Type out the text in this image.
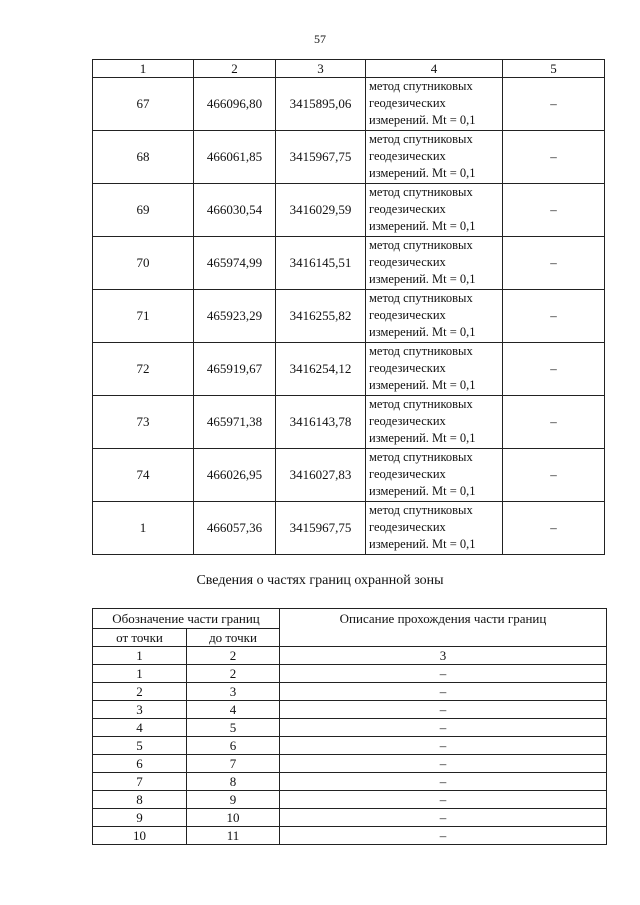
57
1	2	3	4	5
67	466096,80	3415895,06	метод спутниковых
геодезических
измерений. Mt = 0,1	–
68	466061,85	3415967,75	метод спутниковых
геодезических
измерений. Mt = 0,1	–
69	466030,54	3416029,59	метод спутниковых
геодезических
измерений. Mt = 0,1	–
70	465974,99	3416145,51	метод спутниковых
геодезических
измерений. Mt = 0,1	–
71	465923,29	3416255,82	метод спутниковых
геодезических
измерений. Mt = 0,1	–
72	465919,67	3416254,12	метод спутниковых
геодезических
измерений. Mt = 0,1	–
73	465971,38	3416143,78	метод спутниковых
геодезических
измерений. Mt = 0,1	–
74	466026,95	3416027,83	метод спутниковых
геодезических
измерений. Mt = 0,1	–
1	466057,36	3415967,75	метод спутниковых
геодезических
измерений. Mt = 0,1	–
Сведения о частях границ охранной зоны
Обозначение части границ		Описание прохождения части границ
от точки	до точки	
1	2	3
1	2	–
2	3	–
3	4	–
4	5	–
5	6	–
6	7	–
7	8	–
8	9	–
9	10	–
10	11	–
